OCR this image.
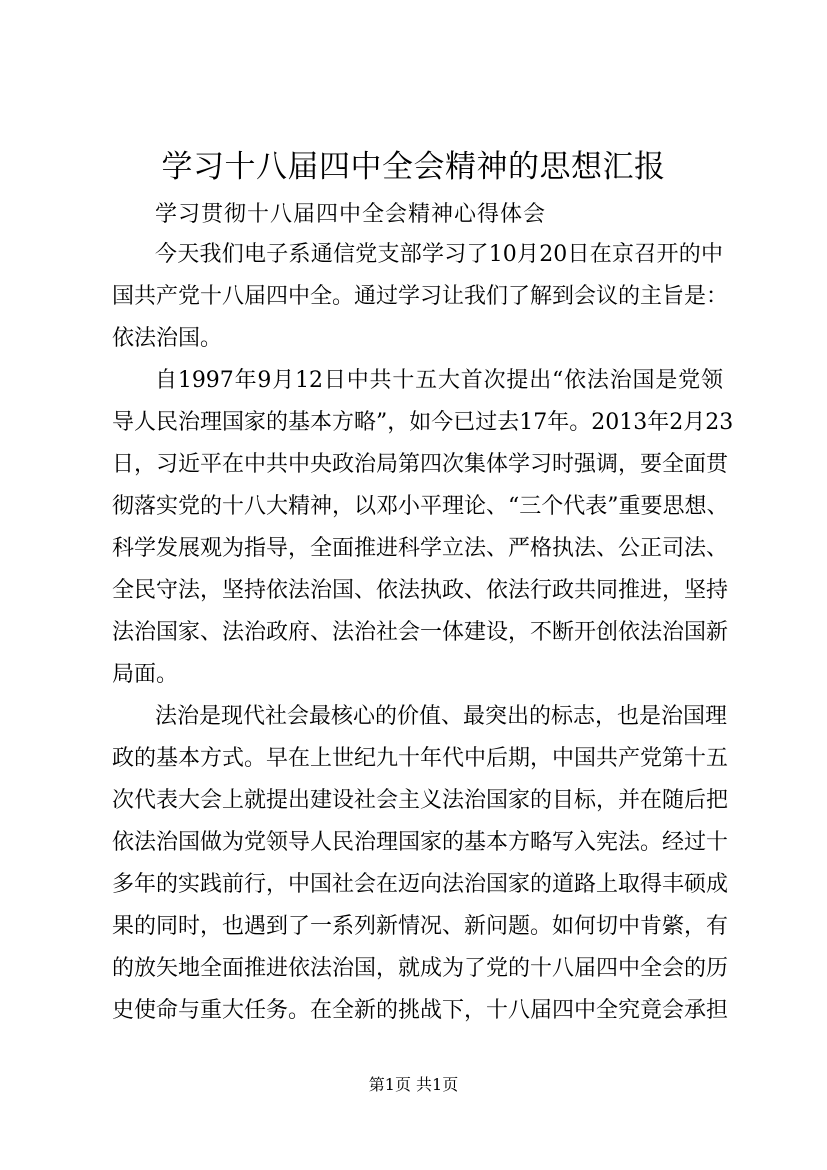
学习十八届四中全会精神的思想汇报
学习贯彻十八届四中全会精神心得体会
今天我们电子系通信党支部学习了10月20日在京召开的中
国共产党十八届四中全。通过学习让我们了解到会议的主旨是：
依法治国。
自1997年9月12日中共十五大首次提出“依法治国是党领
导人民治理国家的基本方略”，如今已过去17年。2013年2月23
日，习近平在中共中央政治局第四次集体学习时强调，要全面贯
彻落实党的十八大精神，以邓小平理论、“三个代表”重要思想、
科学发展观为指导，全面推进科学立法、严格执法、公正司法、
全民守法，坚持依法治国、依法执政、依法行政共同推进，坚持
法治国家、法治政府、法治社会一体建设，不断开创依法治国新
局面。
法治是现代社会最核心的价值、最突出的标志，也是治国理
政的基本方式。早在上世纪九十年代中后期，中国共产党第十五
次代表大会上就提出建设社会主义法治国家的目标，并在随后把
依法治国做为党领导人民治理国家的基本方略写入宪法。经过十
多年的实践前行，中国社会在迈向法治国家的道路上取得丰硕成
果的同时，也遇到了一系列新情况、新问题。如何切中肯綮，有
的放矢地全面推进依法治国，就成为了党的十八届四中全会的历
史使命与重大任务。在全新的挑战下，十八届四中全究竟会承担
第1页 共1页
